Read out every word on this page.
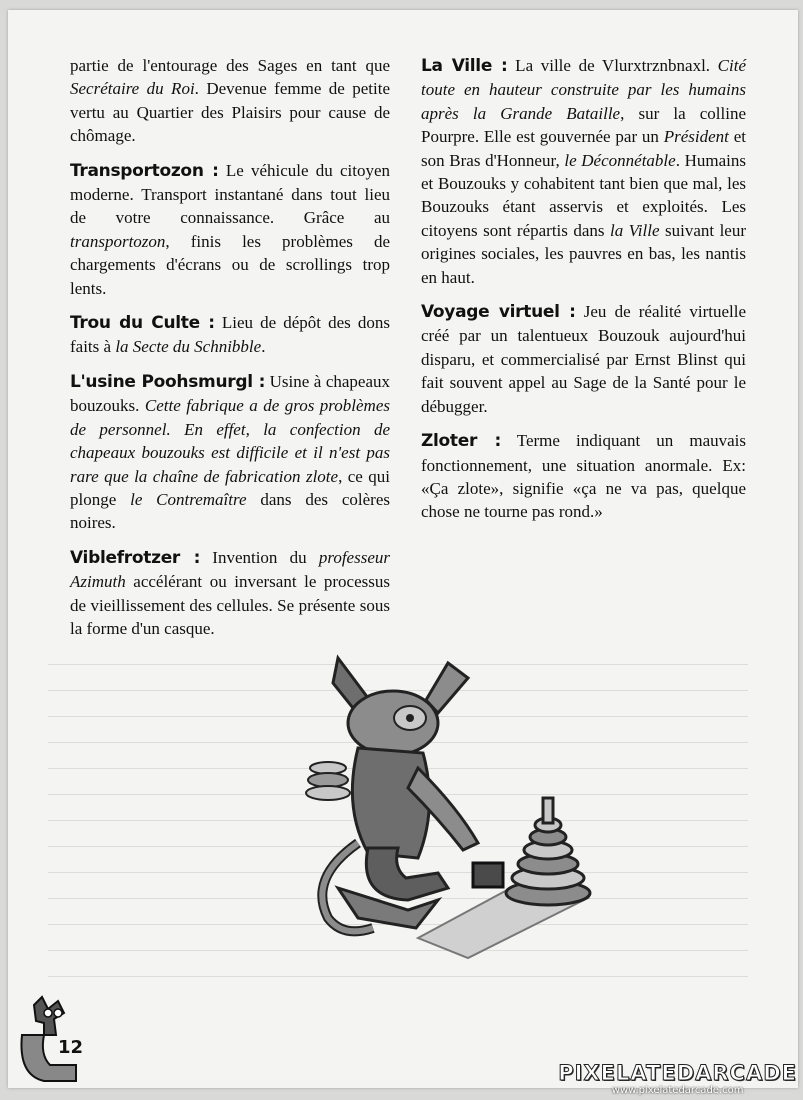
partie de l'entourage des Sages en tant que Secrétaire du Roi. Devenue femme de petite vertu au Quartier des Plaisirs pour cause de chômage.

Transportozon : Le véhicule du citoyen moderne. Transport instantané dans tout lieu de votre connaissance. Grâce au transportozon, finis les problèmes de chargements d'écrans ou de scrollings trop lents.

Trou du Culte : Lieu de dépôt des dons faits à la Secte du Schnibble.

L'usine Poohsmurgl : Usine à chapeaux bouzouks. Cette fabrique a de gros problèmes de personnel. En effet, la confection de chapeaux bouzouks est difficile et il n'est pas rare que la chaîne de fabrication zlote, ce qui plonge le Contremaître dans des colères noires.

Viblefrotzer : Invention du professeur Azimuth accélérant ou inversant le processus de vieillissement des cellules. Se présente sous la forme d'un casque.

La Ville : La ville de Vlurxtrznbnaxl. Cité toute en hauteur construite par les humains après la Grande Bataille, sur la colline Pourpre. Elle est gouvernée par un Président et son Bras d'Honneur, le Déconnétable. Humains et Bouzouks y cohabitent tant bien que mal, les Bouzouks étant asservis et exploités. Les citoyens sont répartis dans la Ville suivant leur origines sociales, les pauvres en bas, les nantis en haut.

Voyage virtuel : Jeu de réalité virtuelle créé par un talentueux Bouzouk aujourd'hui disparu, et commercialisé par Ernst Blinst qui fait souvent appel au Sage de la Santé pour le débugger.

Zloter : Terme indiquant un mauvais fonctionnement, une situation anormale. Ex: «Ça zlote», signifie «ça ne va pas, quelque chose ne tourne pas rond.»

12
PIXELATEDARCADE
www.pixelatedarcade.com
